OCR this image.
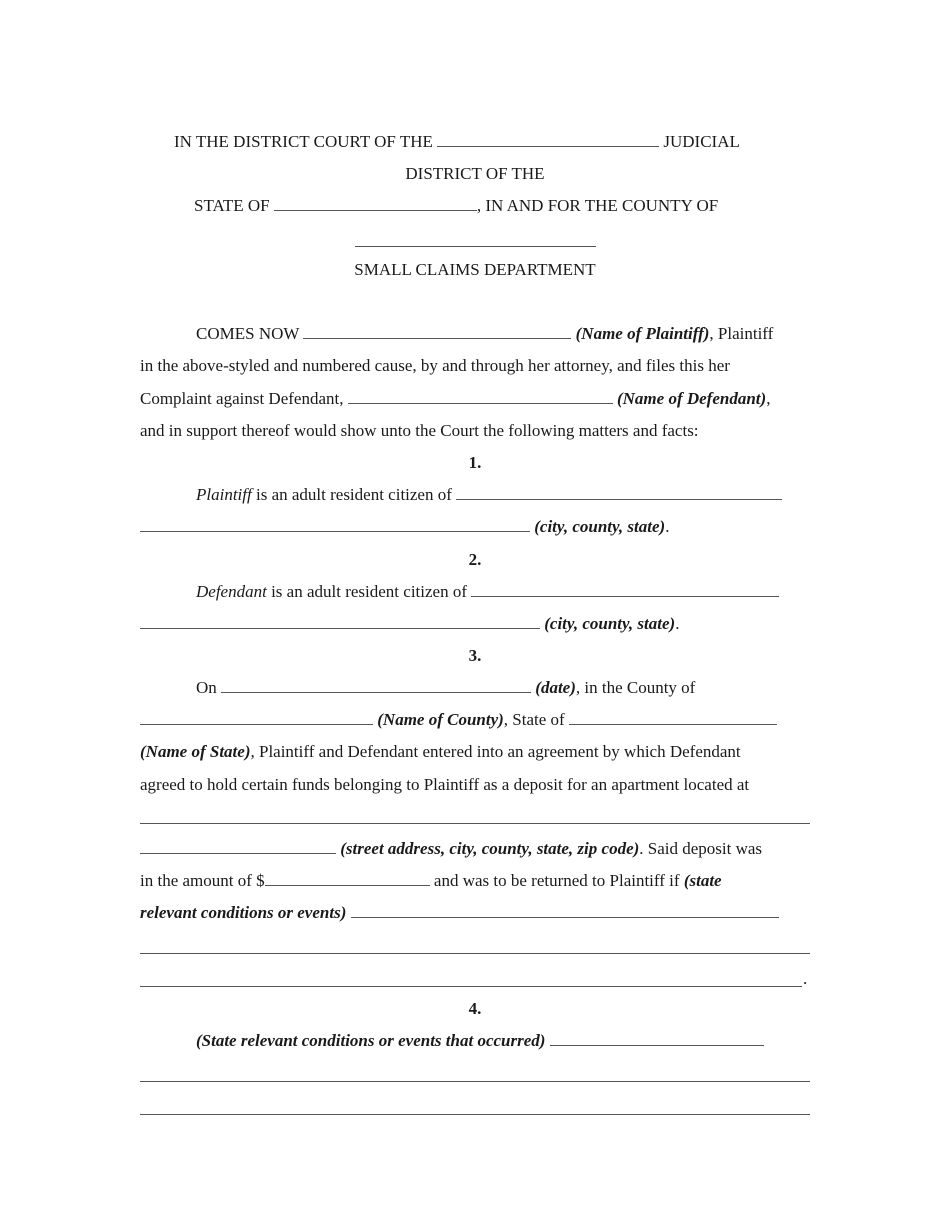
IN THE DISTRICT COURT OF THE	JUDICIAL
DISTRICT OF THE
STATE OF	, IN AND FOR THE COUNTY OF
SMALL CLAIMS DEPARTMENT
COMES NOW	(Name of Plaintiff), Plaintiff
in the above-styled and numbered cause, by and through her attorney, and files this her
Complaint against Defendant,	(Name of Defendant),
and in support thereof would show unto the Court the following matters and facts:
1.
Plaintiff is an adult resident citizen of
(city, county, state).
2.
Defendant is an adult resident citizen of
(city, county, state).
3.
On	(date), in the County of
(Name of County), State of
(Name of State), Plaintiff and Defendant entered into an agreement by which Defendant
agreed to hold certain funds belonging to Plaintiff as a deposit for an apartment located at
(street address, city, county, state, zip code). Said deposit was
in the amount of $	and was to be returned to Plaintiff if (state
relevant conditions or events)
.
4.
(State relevant conditions or events that occurred)
